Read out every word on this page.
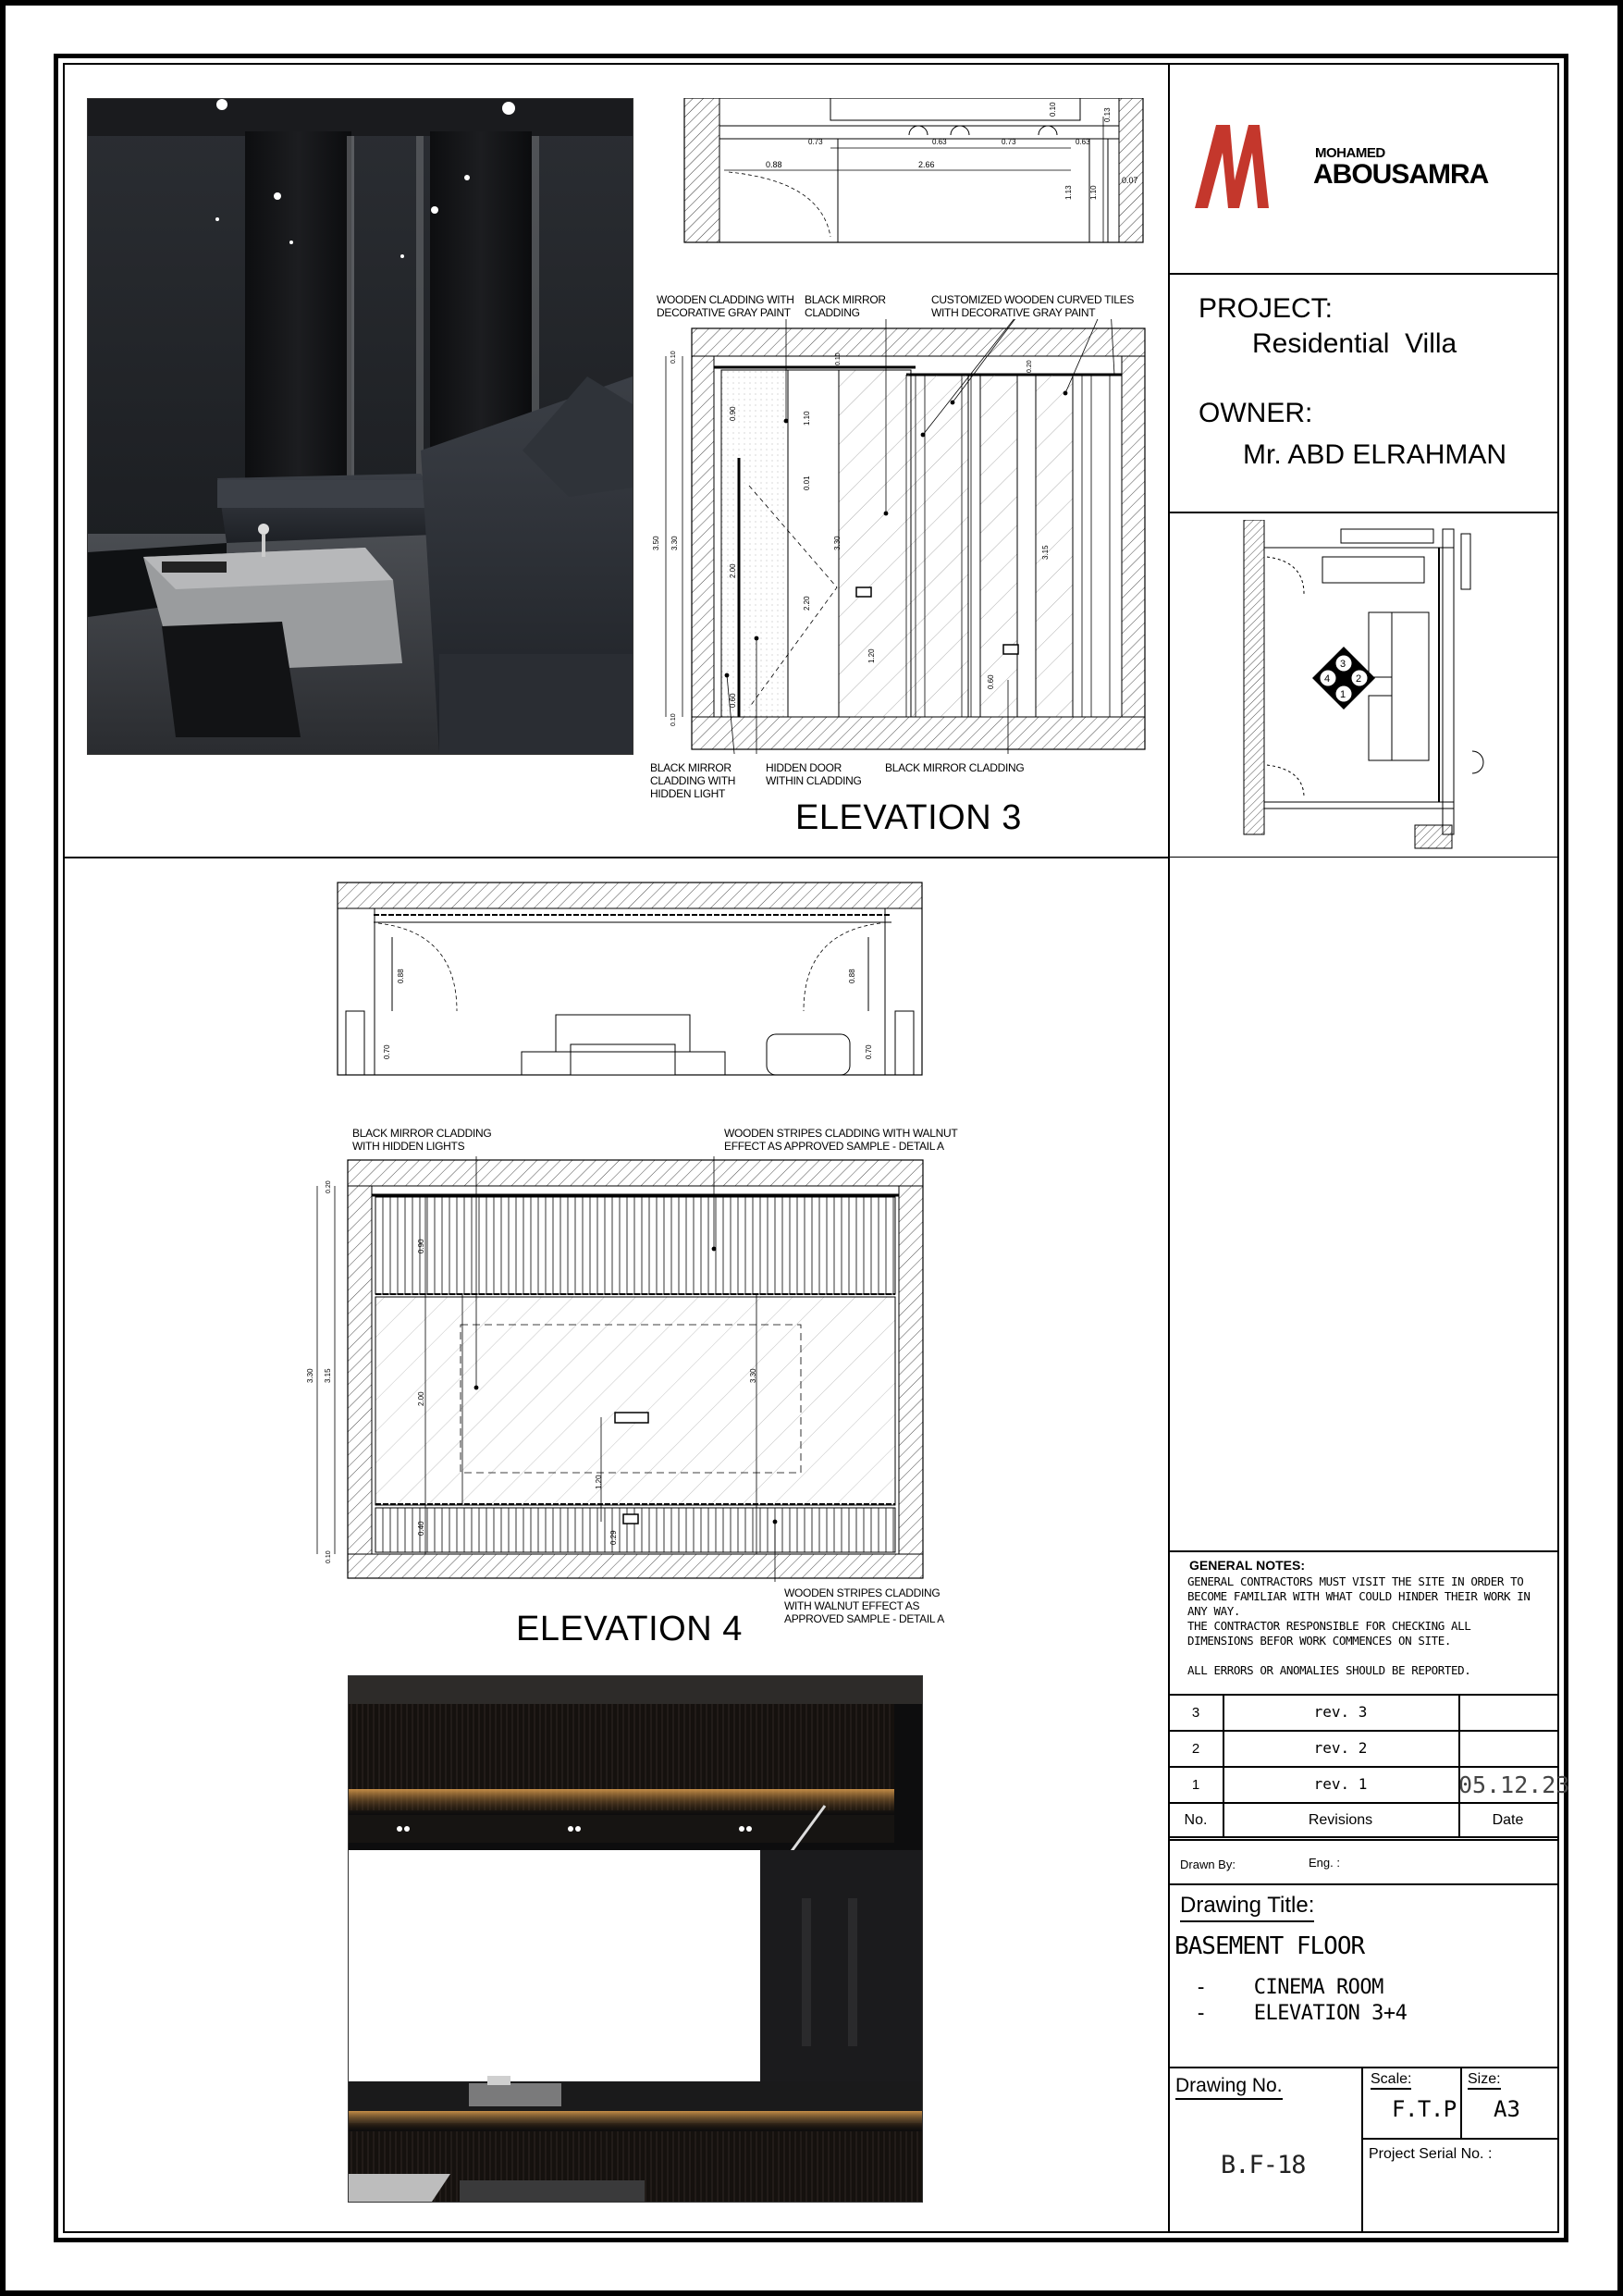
0.73	0.63	0.73	0.63
0.88	2.66
0.07
1.13 1.10
0.10	0.13
WOODEN CLADDING WITH
DECORATIVE GRAY PAINT
BLACK MIRROR
CLADDING
CUSTOMIZED WOODEN CURVED TILES
WITH DECORATIVE GRAY PAINT
3.50 3.30
0.90	1.10
2.00
0.01
3.30
2.20
1.20
0.60
3.15
0.60
0.10
0.10	0.10
0.20
BLACK MIRROR
CLADDING WITH
HIDDEN LIGHT
HIDDEN DOOR
WITHIN CLADDING
BLACK MIRROR CLADDING
ELEVATION 3
MOHAMED
ABOUSAMRA
PROJECT:
Residential  Villa
OWNER:
Mr. ABD ELRAHMAN
3
2
1
4
0.88	0.88
0.70	0.70
BLACK MIRROR CLADDING
WITH HIDDEN LIGHTS
WOODEN STRIPES CLADDING WITH WALNUT
EFFECT AS APPROVED SAMPLE - DETAIL A
3.30 3.15
0.20
0.90
2.00
0.40
0.10
3.30
1.20
0.29
WOODEN STRIPES CLADDING
WITH WALNUT EFFECT AS
APPROVED SAMPLE - DETAIL A
ELEVATION 4
GENERAL NOTES:

GENERAL CONTRACTORS MUST VISIT THE SITE IN ORDER TO

BECOME FAMILIAR WITH WHAT COULD HINDER THEIR WORK IN

ANY WAY.

THE CONTRACTOR RESPONSIBLE FOR CHECKING ALL

DIMENSIONS BEFOR WORK COMMENCES ON SITE.

ALL ERRORS OR ANOMALIES SHOULD BE REPORTED.

3	rev. 3
2	rev. 2
1	rev. 1	05.12.23
No.	Revisions	Date
Drawn By:	Eng. :
Drawing Title:
BASEMENT FLOOR
-    CINEMA ROOM
-    ELEVATION 3+4
Drawing No.
B.F-18
Scale:
F.T.P
Size:
A3
Project Serial No. :
